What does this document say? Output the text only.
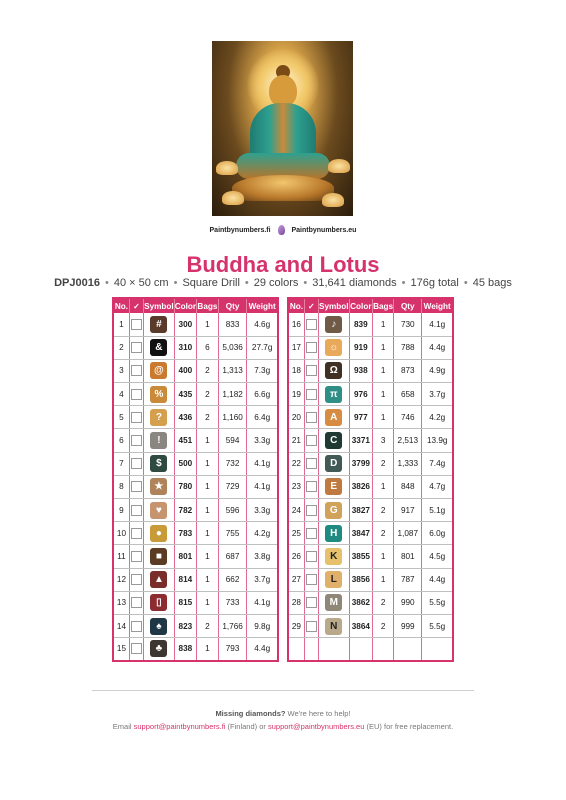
Paintbynumbers.fi	Paintbynumbers.eu
Buddha and Lotus
DPJ0016 • 40 × 50 cm • Square Drill • 29 colors • 31,641 diamonds • 176g total • 45 bags
No.	✓	Symbol	Color	Bags	Qty	Weight
1		#	300	1	833	4.6g
2		&	310	6	5,036	27.7g
3		@	400	2	1,313	7.3g
4		%	435	2	1,182	6.6g
5		?	436	2	1,160	6.4g
6		!	451	1	594	3.3g
7		$	500	1	732	4.1g
8		★	780	1	729	4.1g
9		♥	782	1	596	3.3g
10		●	783	1	755	4.2g
11		■	801	1	687	3.8g
12		▲	814	1	662	3.7g
13		▯	815	1	733	4.1g
14		♠	823	2	1,766	9.8g
15		♣	838	1	793	4.4g
No.	✓	Symbol	Color	Bags	Qty	Weight
16		♪	839	1	730	4.1g
17		☼	919	1	788	4.4g
18		Ω	938	1	873	4.9g
19		π	976	1	658	3.7g
20		A	977	1	746	4.2g
21		C	3371	3	2,513	13.9g
22		D	3799	2	1,333	7.4g
23		E	3826	1	848	4.7g
24		G	3827	2	917	5.1g
25		H	3847	2	1,087	6.0g
26		K	3855	1	801	4.5g
27		L	3856	1	787	4.4g
28		M	3862	2	990	5.5g
29		N	3864	2	999	5.5g

Missing diamonds? We're here to help!
Email support@paintbynumbers.fi (Finland) or support@paintbynumbers.eu (EU) for free replacement.
